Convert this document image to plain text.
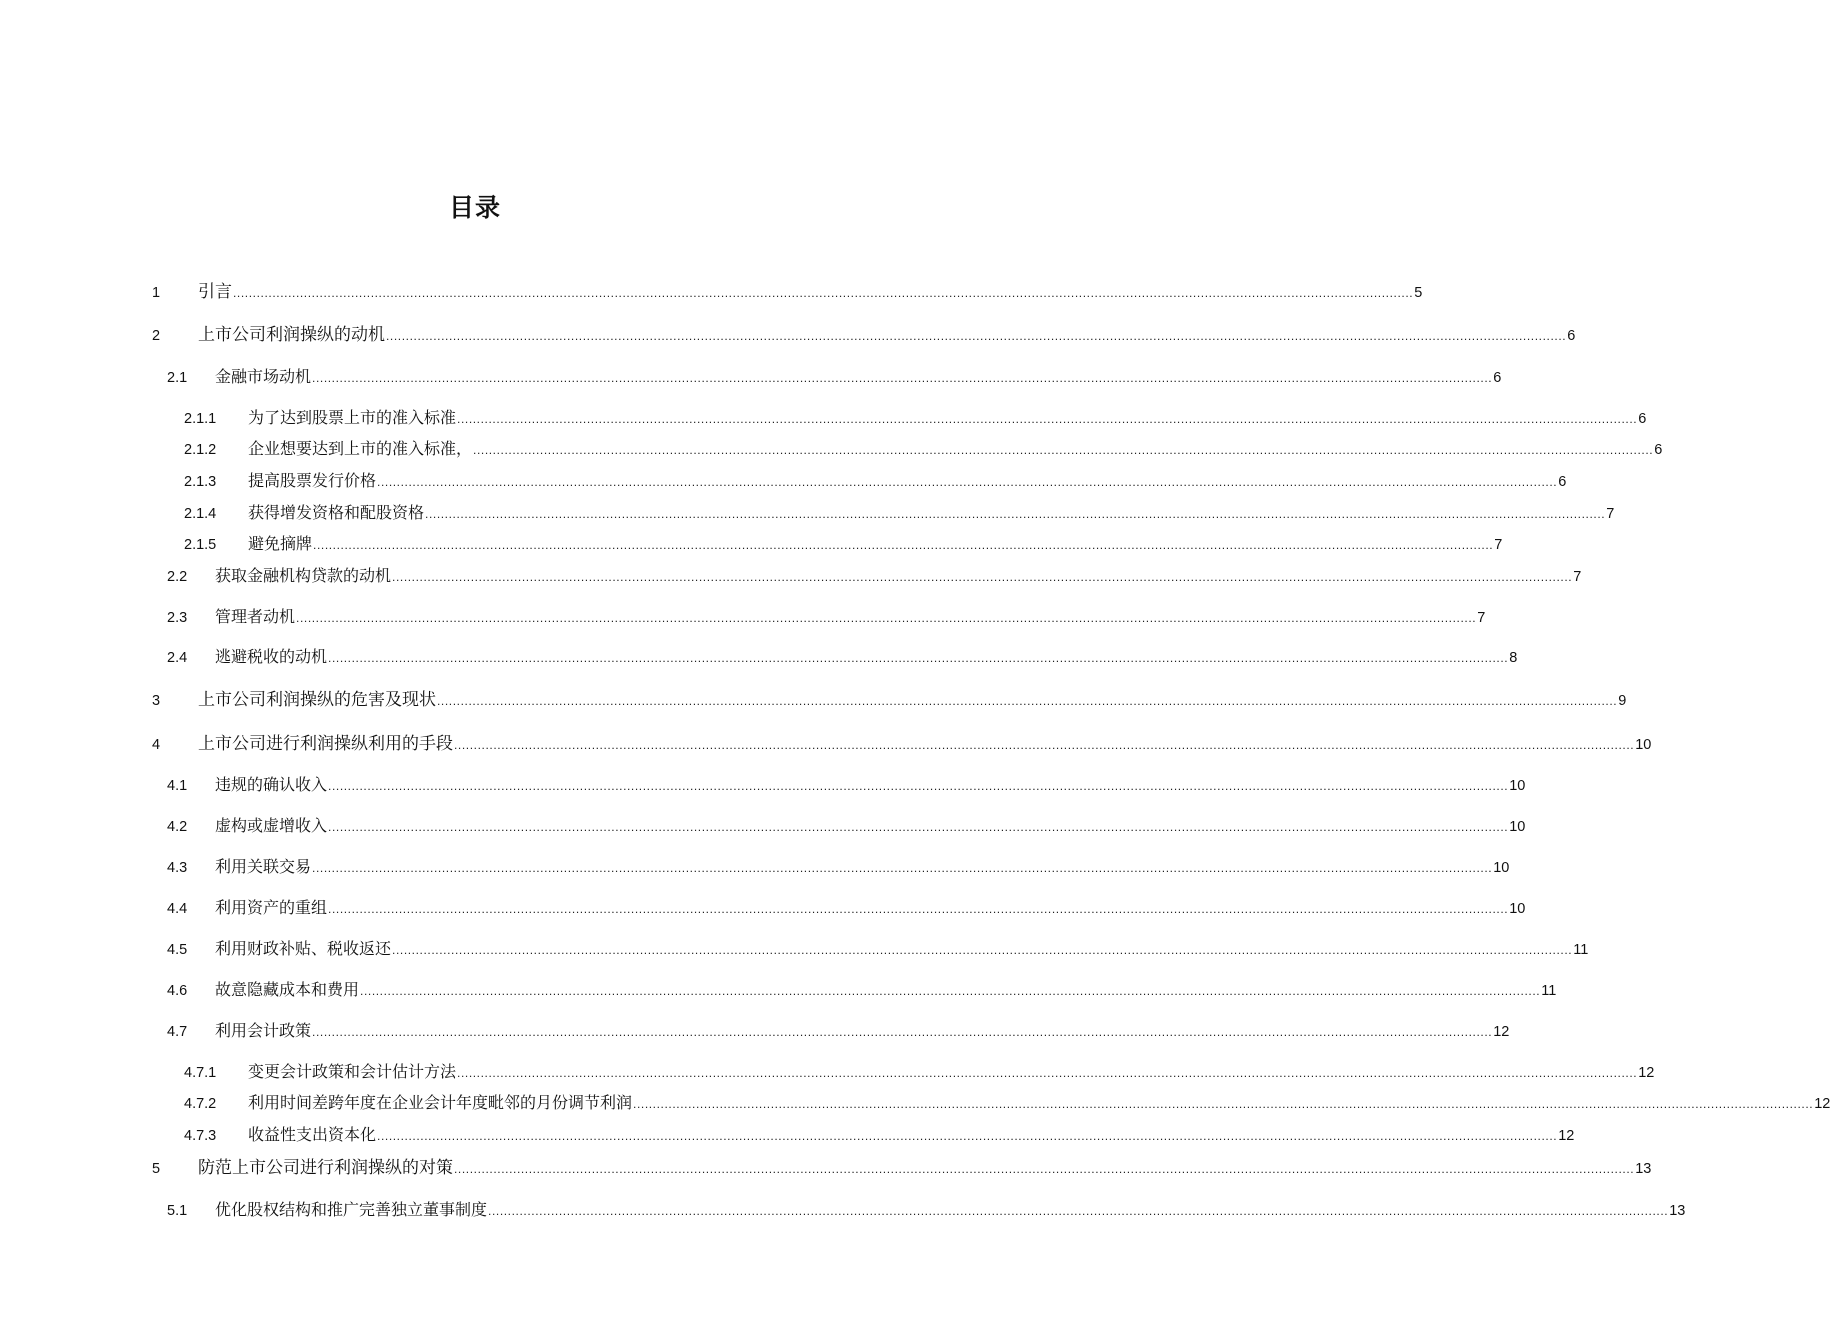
目录
1	引言 ............................................................................................................................................................................................................................................................................................................ 5
2	上市公司利润操纵的动机 ............................................................................................................................................................................................................................................................................................................ 6
2.1	金融市场动机 ............................................................................................................................................................................................................................................................................................................ 6
2.1.1	为了达到股票上市的准入标准 ............................................................................................................................................................................................................................................................................................................ 6
2.1.2	企业想要达到上市的准入标准， ............................................................................................................................................................................................................................................................................................................ 6
2.1.3	提高股票发行价格 ............................................................................................................................................................................................................................................................................................................ 6
2.1.4	获得增发资格和配股资格 ............................................................................................................................................................................................................................................................................................................ 7
2.1.5	避免摘牌 ............................................................................................................................................................................................................................................................................................................ 7
2.2	获取金融机构贷款的动机 ............................................................................................................................................................................................................................................................................................................ 7
2.3	管理者动机 ............................................................................................................................................................................................................................................................................................................ 7
2.4	逃避税收的动机 ............................................................................................................................................................................................................................................................................................................ 8
3	上市公司利润操纵的危害及现状 ............................................................................................................................................................................................................................................................................................................ 9
4	上市公司进行利润操纵利用的手段 ............................................................................................................................................................................................................................................................................................................ 10
4.1	违规的确认收入 ............................................................................................................................................................................................................................................................................................................ 10
4.2	虚构或虚增收入 ............................................................................................................................................................................................................................................................................................................ 10
4.3	利用关联交易 ............................................................................................................................................................................................................................................................................................................ 10
4.4	利用资产的重组 ............................................................................................................................................................................................................................................................................................................ 10
4.5	利用财政补贴、税收返还 ............................................................................................................................................................................................................................................................................................................ 11
4.6	故意隐藏成本和费用 ............................................................................................................................................................................................................................................................................................................ 11
4.7	利用会计政策 ............................................................................................................................................................................................................................................................................................................ 12
4.7.1	变更会计政策和会计估计方法 ............................................................................................................................................................................................................................................................................................................ 12
4.7.2	利用时间差跨年度在企业会计年度毗邻的月份调节利润 ............................................................................................................................................................................................................................................................................................................ 12
4.7.3	收益性支出资本化 ............................................................................................................................................................................................................................................................................................................ 12
5	防范上市公司进行利润操纵的对策 ............................................................................................................................................................................................................................................................................................................ 13
5.1	优化股权结构和推广完善独立董事制度 ............................................................................................................................................................................................................................................................................................................ 13
